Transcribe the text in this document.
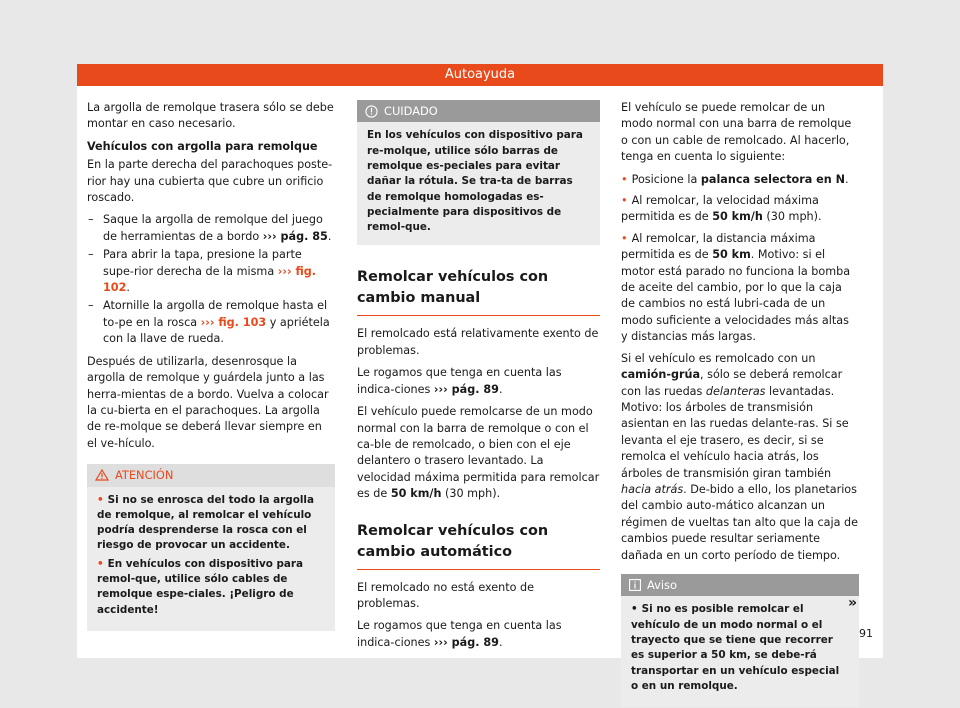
Autoayuda

La argolla de remolque trasera sólo se debe montar en caso necesario.

Vehículos con argolla para remolque

En la parte derecha del parachoques poste-rior hay una cubierta que cubre un orificio roscado.

– Saque la argolla de remolque del juego de herramientas de a bordo ››› pág. 85.
– Para abrir la tapa, presione la parte supe-rior derecha de la misma ››› fig. 102.
– Atornille la argolla de remolque hasta el to-pe en la rosca ››› fig. 103 y apriétela con la llave de rueda.

Después de utilizarla, desenrosque la argolla de remolque y guárdela junto a las herra-mientas de a bordo. Vuelva a colocar la cu-bierta en el parachoques. La argolla de re-molque se deberá llevar siempre en el ve-hículo.

ATENCIÓN
• Si no se enrosca del todo la argolla de remolque, al remolcar el vehículo podría desprenderse la rosca con el riesgo de provocar un accidente.
• En vehículos con dispositivo para remol-que, utilice sólo cables de remolque espe-ciales. ¡Peligro de accidente!
CUIDADO
En los vehículos con dispositivo para re-molque, utilice sólo barras de remolque es-peciales para evitar dañar la rótula. Se tra-ta de barras de remolque homologadas es-pecialmente para dispositivos de remol-que.
Remolcar vehículos con cambio manual

El remolcado está relativamente exento de problemas.

Le rogamos que tenga en cuenta las indica-ciones ››› pág. 89.

El vehículo puede remolcarse de un modo normal con la barra de remolque o con el ca-ble de remolcado, o bien con el eje delantero o trasero levantado. La velocidad máxima permitida para remolcar es de 50 km/h (30 mph).

Remolcar vehículos con cambio automático

El remolcado no está exento de problemas.

Le rogamos que tenga en cuenta las indica-ciones ››› pág. 89.

El vehículo se puede remolcar de un modo normal con una barra de remolque o con un cable de remolcado. Al hacerlo, tenga en cuenta lo siguiente:

• Posicione la palanca selectora en N.
• Al remolcar, la velocidad máxima permitida es de 50 km/h (30 mph).
• Al remolcar, la distancia máxima permitida es de 50 km. Motivo: si el motor está parado no funciona la bomba de aceite del cambio, por lo que la caja de cambios no está lubri-cada de un modo suficiente a velocidades más altas y distancias más largas.

Si el vehículo es remolcado con un camión-grúa, sólo se deberá remolcar con las ruedas delanteras levantadas. Motivo: los árboles de transmisión asientan en las ruedas delante-ras. Si se levanta el eje trasero, es decir, si se remolca el vehículo hacia atrás, los árboles de transmisión giran también hacia atrás. De-bido a ello, los planetarios del cambio auto-mático alcanzan un régimen de vueltas tan alto que la caja de cambios puede resultar seriamente dañada en un corto período de tiempo.

Aviso
• Si no es posible remolcar el vehículo de un modo normal o el trayecto que se tiene que recorrer es superior a 50 km, se debe-rá transportar en un vehículo especial o en un remolque.
»
91
